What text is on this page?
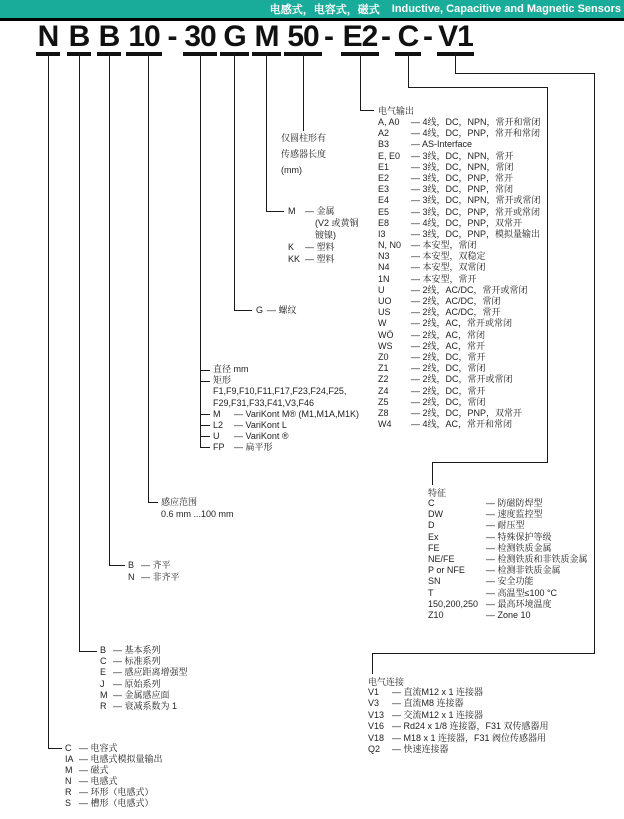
电感式，电容式，磁式 Inductive, Capacitive and Magnetic Sensors
N B B 10 - 30 G M 50 - E2 - C - V1
电气输出
A, A0	— 4线，DC，NPN，常开和常闭
A2	— 4线，DC，PNP，常开和常闭
B3	— AS-Interface
E, E0	— 3线，DC，NPN，常开
E1	— 3线，DC，NPN，常闭
E2	— 3线，DC，PNP，常开
E3	— 3线，DC，PNP，常闭
E4	— 3线，DC，NPN，常开或常闭
E5	— 3线，DC，PNP，常开或常闭
E8	— 4线，DC，PNP，双常开
I3	— 3线，DC，PNP，模拟量输出
N, N0	— 本安型，常闭
N3	— 本安型，双稳定
N4	— 本安型，双常闭
1N	— 本安型，常开
U	— 2线，AC/DC，常开或常闭
UO	— 2线，AC/DC，常闭
US	— 2线，AC/DC，常开
W	— 2线，AC，常开或常闭
WÖ	— 2线，AC，常闭
WS	— 2线，AC，常开
Z0	— 2线，DC，常开
Z1	— 2线，DC，常闭
Z2	— 2线，DC，常开或常闭
Z4	— 2线，DC，常开
Z5	— 2线，DC，常闭
Z8	— 2线，DC，PNP，双常开
W4	— 4线，AC，常开和常闭
特征
C	— 防磁防焊型
DW	— 速度监控型
D	— 耐压型
Ex	— 特殊保护等级
FE	— 检测铁质金属
NE/FE	— 检测铁质和非铁质金属
P or NFE	— 检测非铁质金属
SN	— 安全功能
T	— 高温型≤100 °C
150,200,250 — 最高环境温度
Z10	— Zone 10
电气连接
V1	— 直流M12 x 1 连接器
V3	— 直流M8 连接器
V13 — 交流M12 x 1 连接器
V16 — Rd24 x 1/8 连接器，F31 双传感器用
V18 — M18 x 1 连接器，F31 阀位传感器用
Q2	— 快速连接器
仅圆柱形有
传感器长度
(mm)
M	— 金属
(V2 或黄铜
镀镍)
K	— 塑料
KK — 塑料
G — 螺纹
直径 mm
矩形
F1,F9,F10,F11,F17,F23,F24,F25,
F29,F31,F33,F41,V3,F46
M	— VariKont M® (M1,M1A,M1K)
L2	— VariKont L
U	— VariKont ®
FP	— 扁平形
感应范围
0.6 mm ...100 mm
B — 齐平
N — 非齐平
B — 基本系列
C — 标准系列
E — 感应距离增强型
J — 原始系列
M — 金属感应面
R — 衰减系数为 1
C — 电容式
IA — 电感式模拟量输出
M — 磁式
N — 电感式
R — 环形（电感式）
S — 槽形（电感式）
